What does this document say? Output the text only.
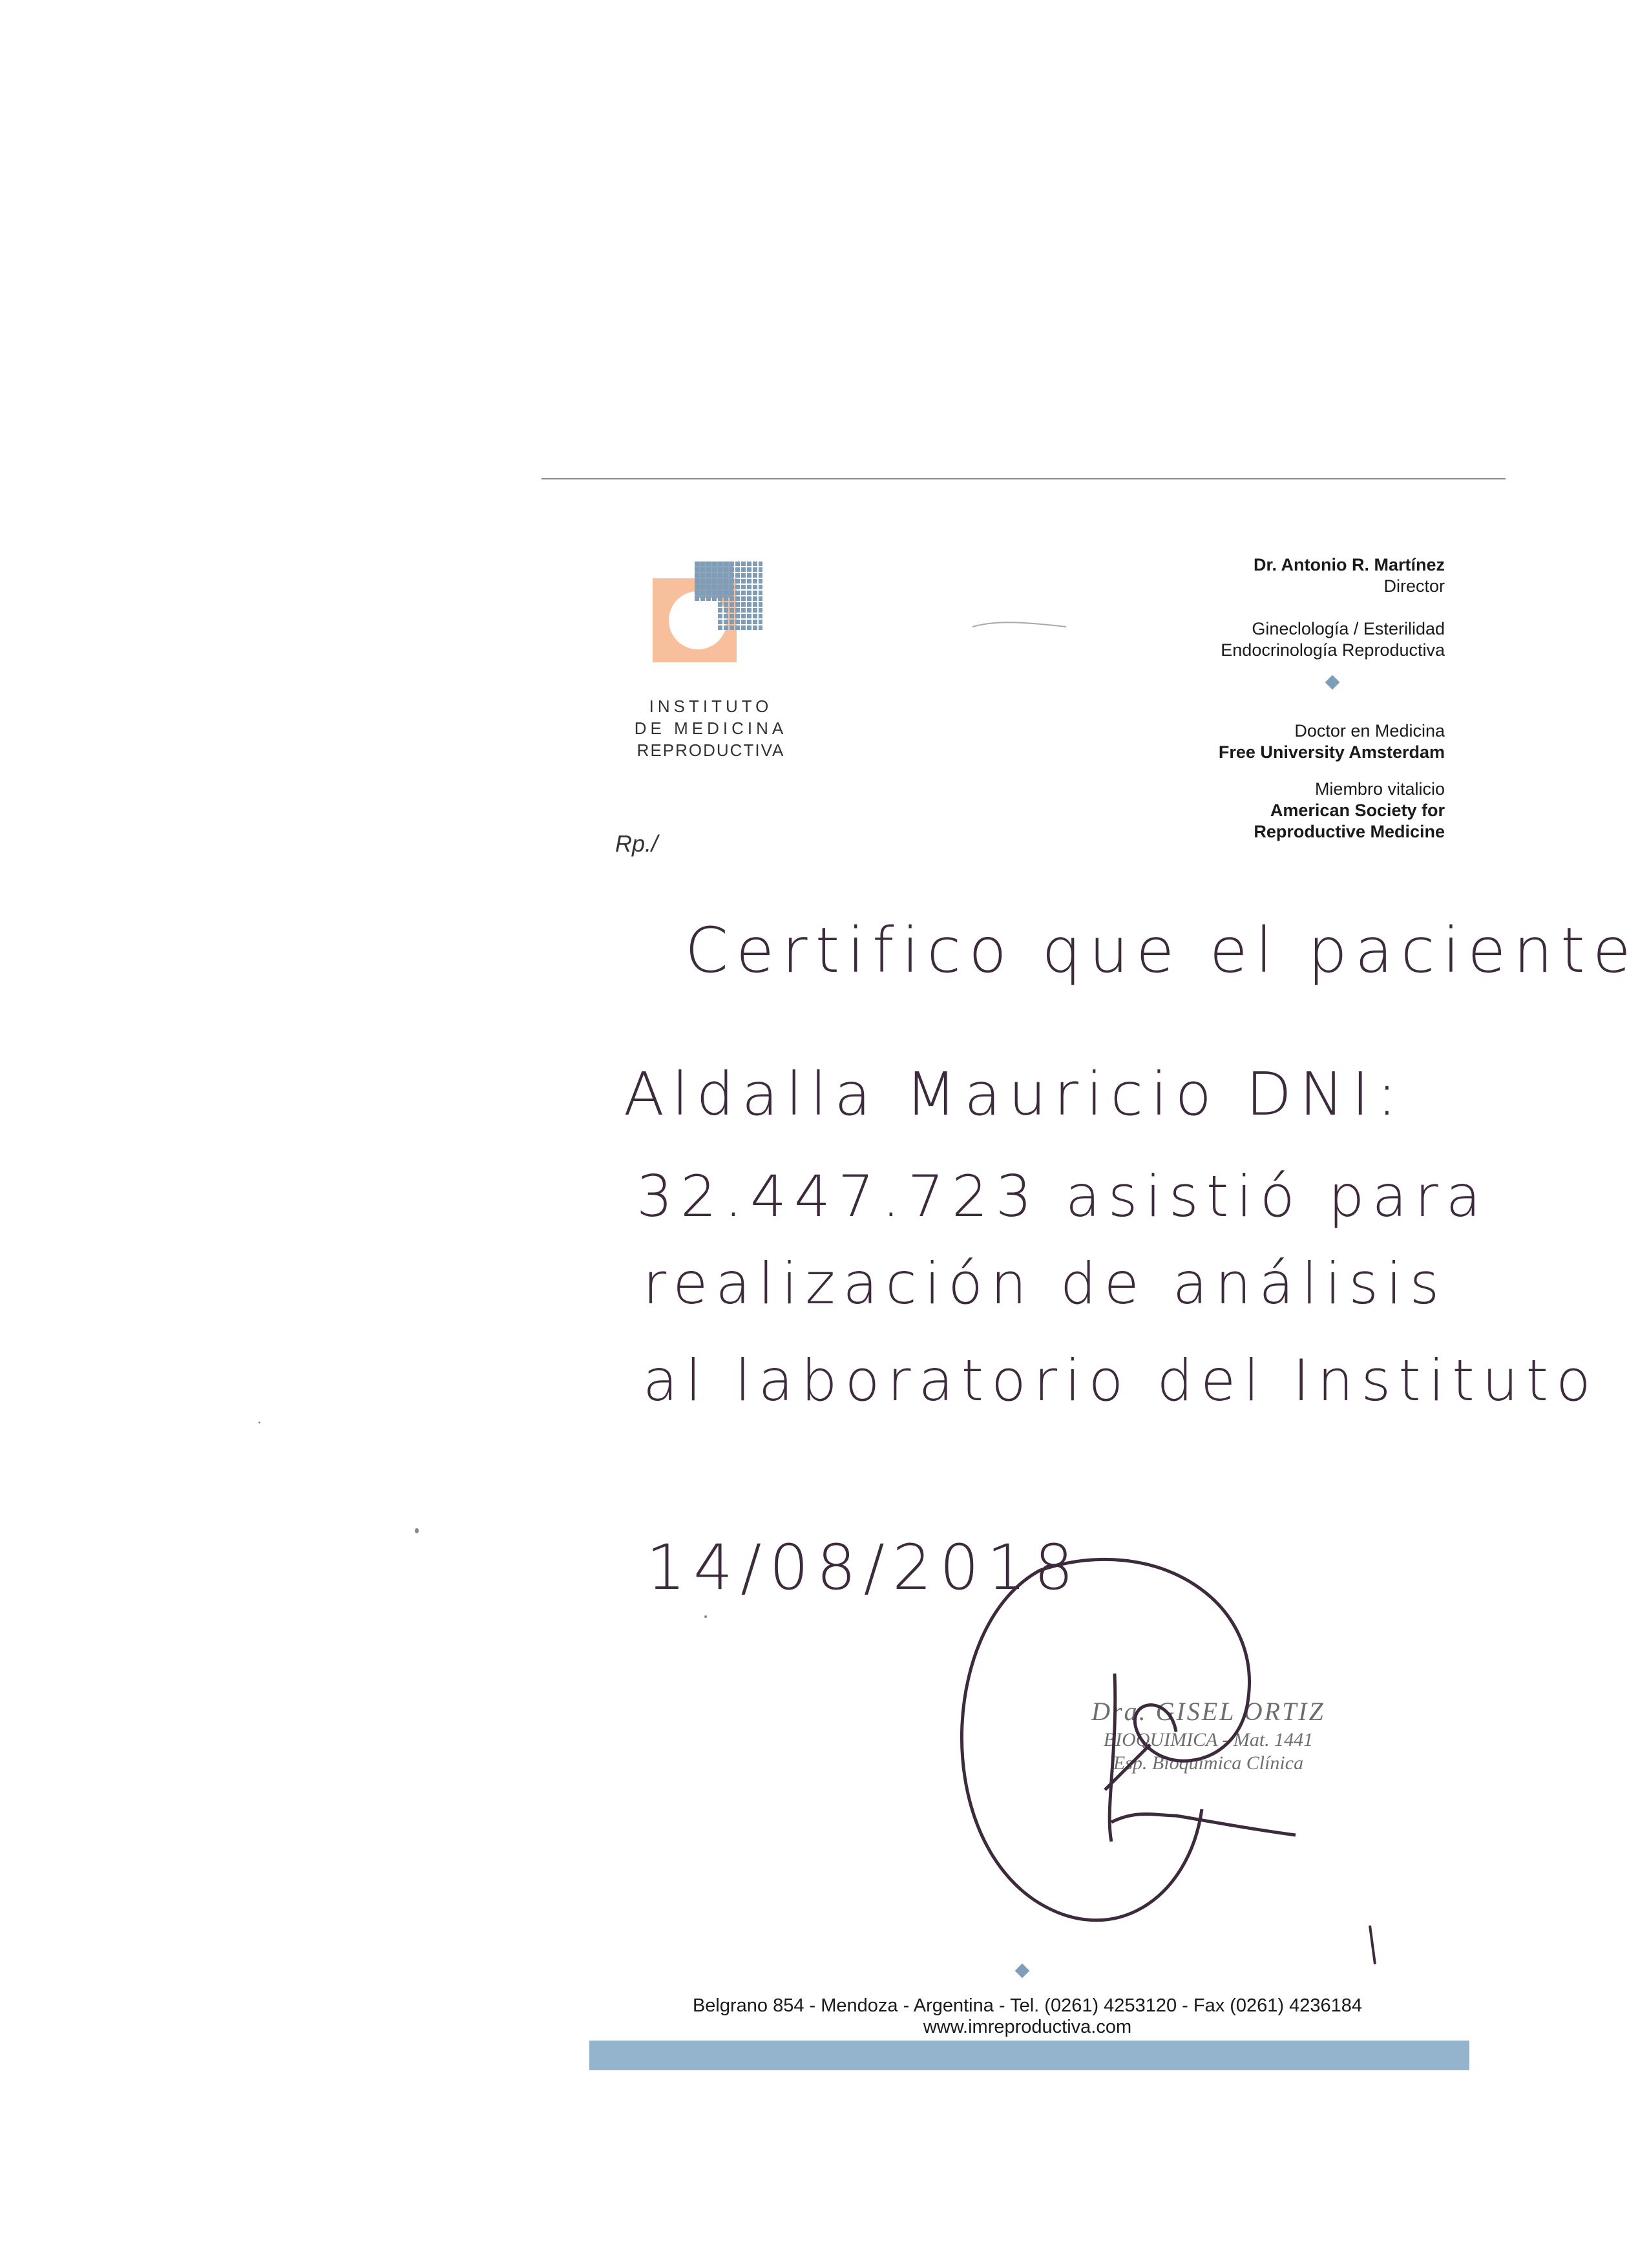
INSTITUTO
DE MEDICINA
REPRODUCTIVA
Dr. Antonio R. Martínez
Director
Gineclología / Esterilidad
Endocrinología Reproductiva
Doctor en Medicina
Free University Amsterdam
Miembro vitalicio
American Society for
Reproductive Medicine
Rp./
Certifico que el paciente
Aldalla Mauricio DNI:
32.447.723 asistió para
realización de análisis
al laboratorio del Instituto
14/08/2018
Dra. GISEL ORTIZ
BIOQUIMICA - Mat. 1441
Esp. Bioquímica Clínica
Belgrano 854 - Mendoza - Argentina - Tel. (0261) 4253120 - Fax (0261) 4236184
www.imreproductiva.com
